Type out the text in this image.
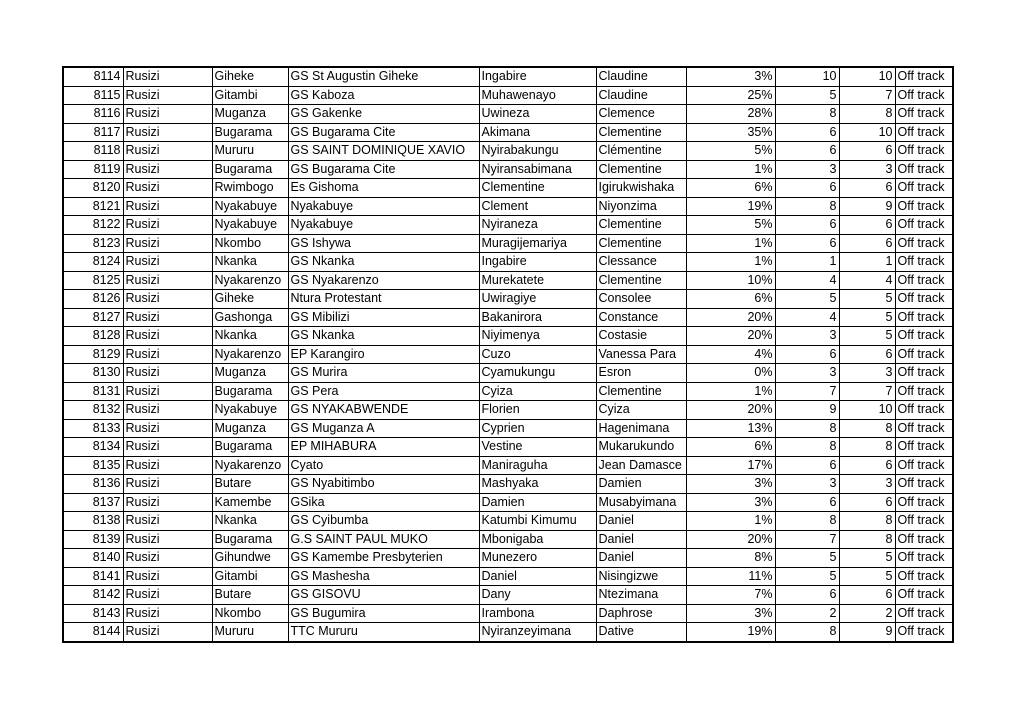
8114	Rusizi	Giheke	GS St Augustin Giheke	Ingabire	Claudine	3%	10	10	Off track
8115	Rusizi	Gitambi	GS Kaboza	Muhawenayo	Claudine	25%	5	7	Off track
8116	Rusizi	Muganza	GS Gakenke	Uwineza	Clemence	28%	8	8	Off track
8117	Rusizi	Bugarama	GS Bugarama Cite	Akimana	Clementine	35%	6	10	Off track
8118	Rusizi	Mururu	GS SAINT DOMINIQUE XAVIO	Nyirabakungu	Clémentine	5%	6	6	Off track
8119	Rusizi	Bugarama	GS Bugarama Cite	Nyiransabimana	Clementine	1%	3	3	Off track
8120	Rusizi	Rwimbogo	Es Gishoma	Clementine	Igirukwishaka	6%	6	6	Off track
8121	Rusizi	Nyakabuye	Nyakabuye	Clement	Niyonzima	19%	8	9	Off track
8122	Rusizi	Nyakabuye	Nyakabuye	Nyiraneza	Clementine	5%	6	6	Off track
8123	Rusizi	Nkombo	GS Ishywa	Muragijemariya	Clementine	1%	6	6	Off track
8124	Rusizi	Nkanka	GS Nkanka	Ingabire	Clessance	1%	1	1	Off track
8125	Rusizi	Nyakarenzo	GS Nyakarenzo	Murekatete	Clementine	10%	4	4	Off track
8126	Rusizi	Giheke	Ntura Protestant	Uwiragiye	Consolee	6%	5	5	Off track
8127	Rusizi	Gashonga	GS Mibilizi	Bakanirora	Constance	20%	4	5	Off track
8128	Rusizi	Nkanka	GS Nkanka	Niyimenya	Costasie	20%	3	5	Off track
8129	Rusizi	Nyakarenzo	EP Karangiro	Cuzo	Vanessa Para	4%	6	6	Off track
8130	Rusizi	Muganza	GS Murira	Cyamukungu	Esron	0%	3	3	Off track
8131	Rusizi	Bugarama	GS Pera	Cyiza	Clementine	1%	7	7	Off track
8132	Rusizi	Nyakabuye	GS NYAKABWENDE	Florien	Cyiza	20%	9	10	Off track
8133	Rusizi	Muganza	GS Muganza A	Cyprien	Hagenimana	13%	8	8	Off track
8134	Rusizi	Bugarama	EP MIHABURA	Vestine	Mukarukundo	6%	8	8	Off track
8135	Rusizi	Nyakarenzo	Cyato	Maniraguha	Jean Damasce	17%	6	6	Off track
8136	Rusizi	Butare	GS Nyabitimbo	Mashyaka	Damien	3%	3	3	Off track
8137	Rusizi	Kamembe	GSika	Damien	Musabyimana	3%	6	6	Off track
8138	Rusizi	Nkanka	GS Cyibumba	Katumbi Kimumu	Daniel	1%	8	8	Off track
8139	Rusizi	Bugarama	G.S SAINT PAUL MUKO	Mbonigaba	Daniel	20%	7	8	Off track
8140	Rusizi	Gihundwe	GS Kamembe Presbyterien	Munezero	Daniel	8%	5	5	Off track
8141	Rusizi	Gitambi	GS Mashesha	Daniel	Nisingizwe	11%	5	5	Off track
8142	Rusizi	Butare	GS GISOVU	Dany	Ntezimana	7%	6	6	Off track
8143	Rusizi	Nkombo	GS Bugumira	Irambona	Daphrose	3%	2	2	Off track
8144	Rusizi	Mururu	TTC Mururu	Nyiranzeyimana	Dative	19%	8	9	Off track
